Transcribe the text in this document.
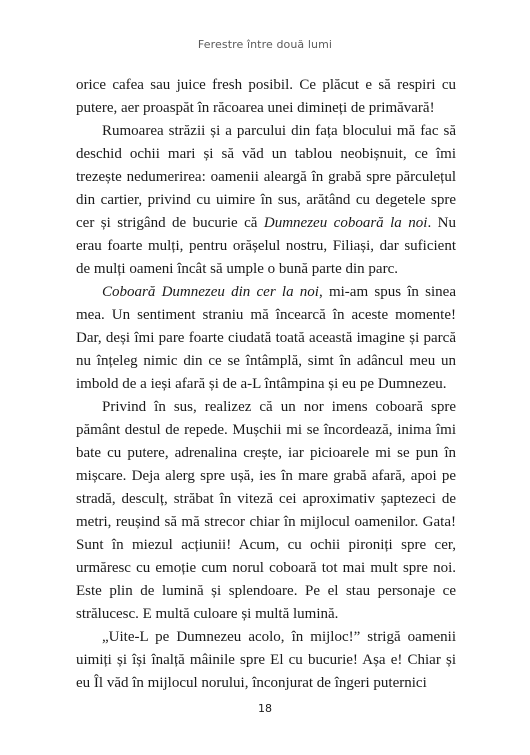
Ferestre între două lumi

orice cafea sau juice fresh posibil. Ce plăcut e să respiri cu putere, aer proaspăt în răcoarea unei dimineți de primăvară!

Rumoarea străzii și a parcului din fața blocului mă fac să deschid ochii mari și să văd un tablou neobișnuit, ce îmi trezește nedumerirea: oamenii aleargă în grabă spre părculețul din cartier, privind cu uimire în sus, arătând cu degetele spre cer și strigând de bucurie că Dumnezeu coboară la noi. Nu erau foarte mulți, pentru orășelul nostru, Filiași, dar suficient de mulți oameni încât să umple o bună parte din parc.

Coboară Dumnezeu din cer la noi, mi-am spus în sinea mea. Un sentiment straniu mă încearcă în aceste momente! Dar, deși îmi pare foarte ciudată toată această imagine și parcă nu înțeleg nimic din ce se întâmplă, simt în adâncul meu un imbold de a ieși afară și de a-L întâmpina și eu pe Dumnezeu.

Privind în sus, realizez că un nor imens coboară spre pământ destul de repede. Mușchii mi se încordează, inima îmi bate cu putere, adrenalina crește, iar picioarele mi se pun în mișcare. Deja alerg spre ușă, ies în mare grabă afară, apoi pe stradă, desculț, străbat în viteză cei aproximativ șaptezeci de metri, reușind să mă strecor chiar în mijlocul oamenilor. Gata! Sunt în miezul acțiunii! Acum, cu ochii pironiți spre cer, urmăresc cu emoție cum norul coboară tot mai mult spre noi. Este plin de lumină și splendoare. Pe el stau personaje ce strălucesc. E multă culoare și multă lumină.

„Uite-L pe Dumnezeu acolo, în mijloc!” strigă oamenii uimiți și își înalță mâinile spre El cu bucurie! Așa e! Chiar și eu Îl văd în mijlocul norului, înconjurat de îngeri puternici

18
